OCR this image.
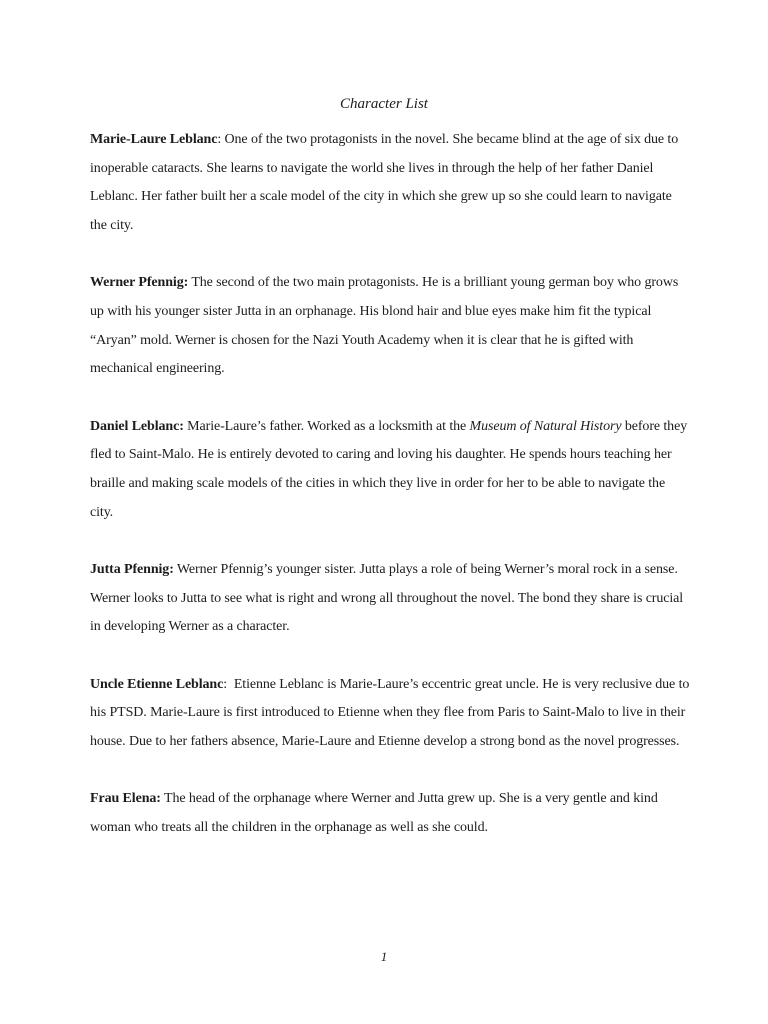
Character List

Marie-Laure Leblanc: One of the two protagonists in the novel. She became blind at the age of six due to inoperable cataracts. She learns to navigate the world she lives in through the help of her father Daniel Leblanc. Her father built her a scale model of the city in which she grew up so she could learn to navigate the city.

Werner Pfennig: The second of the two main protagonists. He is a brilliant young german boy who grows up with his younger sister Jutta in an orphanage. His blond hair and blue eyes make him fit the typical “Aryan” mold. Werner is chosen for the Nazi Youth Academy when it is clear that he is gifted with mechanical engineering.

Daniel Leblanc: Marie-Laure’s father. Worked as a locksmith at the Museum of Natural History before they fled to Saint-Malo. He is entirely devoted to caring and loving his daughter. He spends hours teaching her braille and making scale models of the cities in which they live in order for her to be able to navigate the city.

Jutta Pfennig: Werner Pfennig’s younger sister. Jutta plays a role of being Werner’s moral rock in a sense. Werner looks to Jutta to see what is right and wrong all throughout the novel. The bond they share is crucial in developing Werner as a character.

Uncle Etienne Leblanc:  Etienne Leblanc is Marie-Laure’s eccentric great uncle. He is very reclusive due to his PTSD. Marie-Laure is first introduced to Etienne when they flee from Paris to Saint-Malo to live in their house. Due to her fathers absence, Marie-Laure and Etienne develop a strong bond as the novel progresses.

Frau Elena: The head of the orphanage where Werner and Jutta grew up. She is a very gentle and kind woman who treats all the children in the orphanage as well as she could.

1
